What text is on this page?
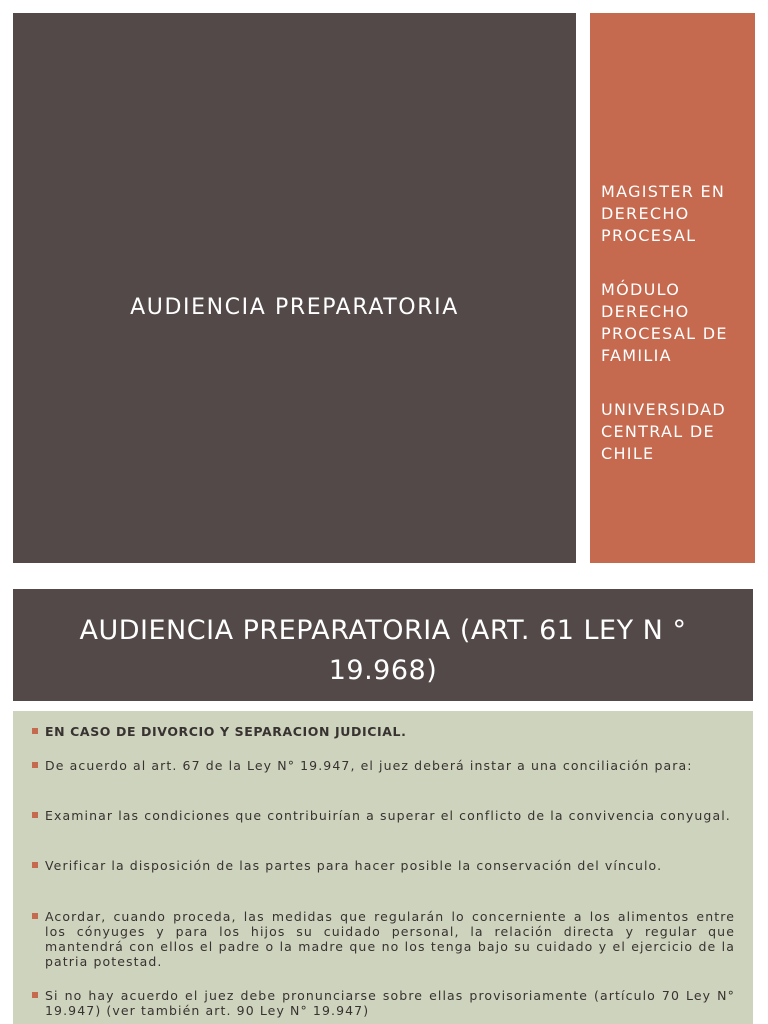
AUDIENCIA PREPARATORIA
MAGISTER EN DERECHO PROCESAL
MÓDULO DERECHO PROCESAL DE FAMILIA
UNIVERSIDAD CENTRAL DE CHILE
AUDIENCIA PREPARATORIA (ART. 61 LEY N ° 19.968)
EN CASO DE DIVORCIO Y SEPARACION JUDICIAL.
De acuerdo al art. 67 de la Ley N° 19.947, el juez deberá instar a una conciliación para:
Examinar las condiciones que contribuirían a superar el conflicto de la convivencia conyugal.
Verificar la disposición de las partes para hacer posible la conservación del vínculo.
Acordar, cuando proceda, las medidas que regularán lo concerniente a los alimentos entre los cónyuges y para los hijos su cuidado personal, la relación directa y regular que mantendrá con ellos el padre o la madre que no los tenga bajo su cuidado y el ejercicio de la patria potestad.
Si no hay acuerdo el juez debe pronunciarse sobre ellas provisoriamente (artículo 70 Ley N° 19.947) (ver también art. 90 Ley N° 19.947)
